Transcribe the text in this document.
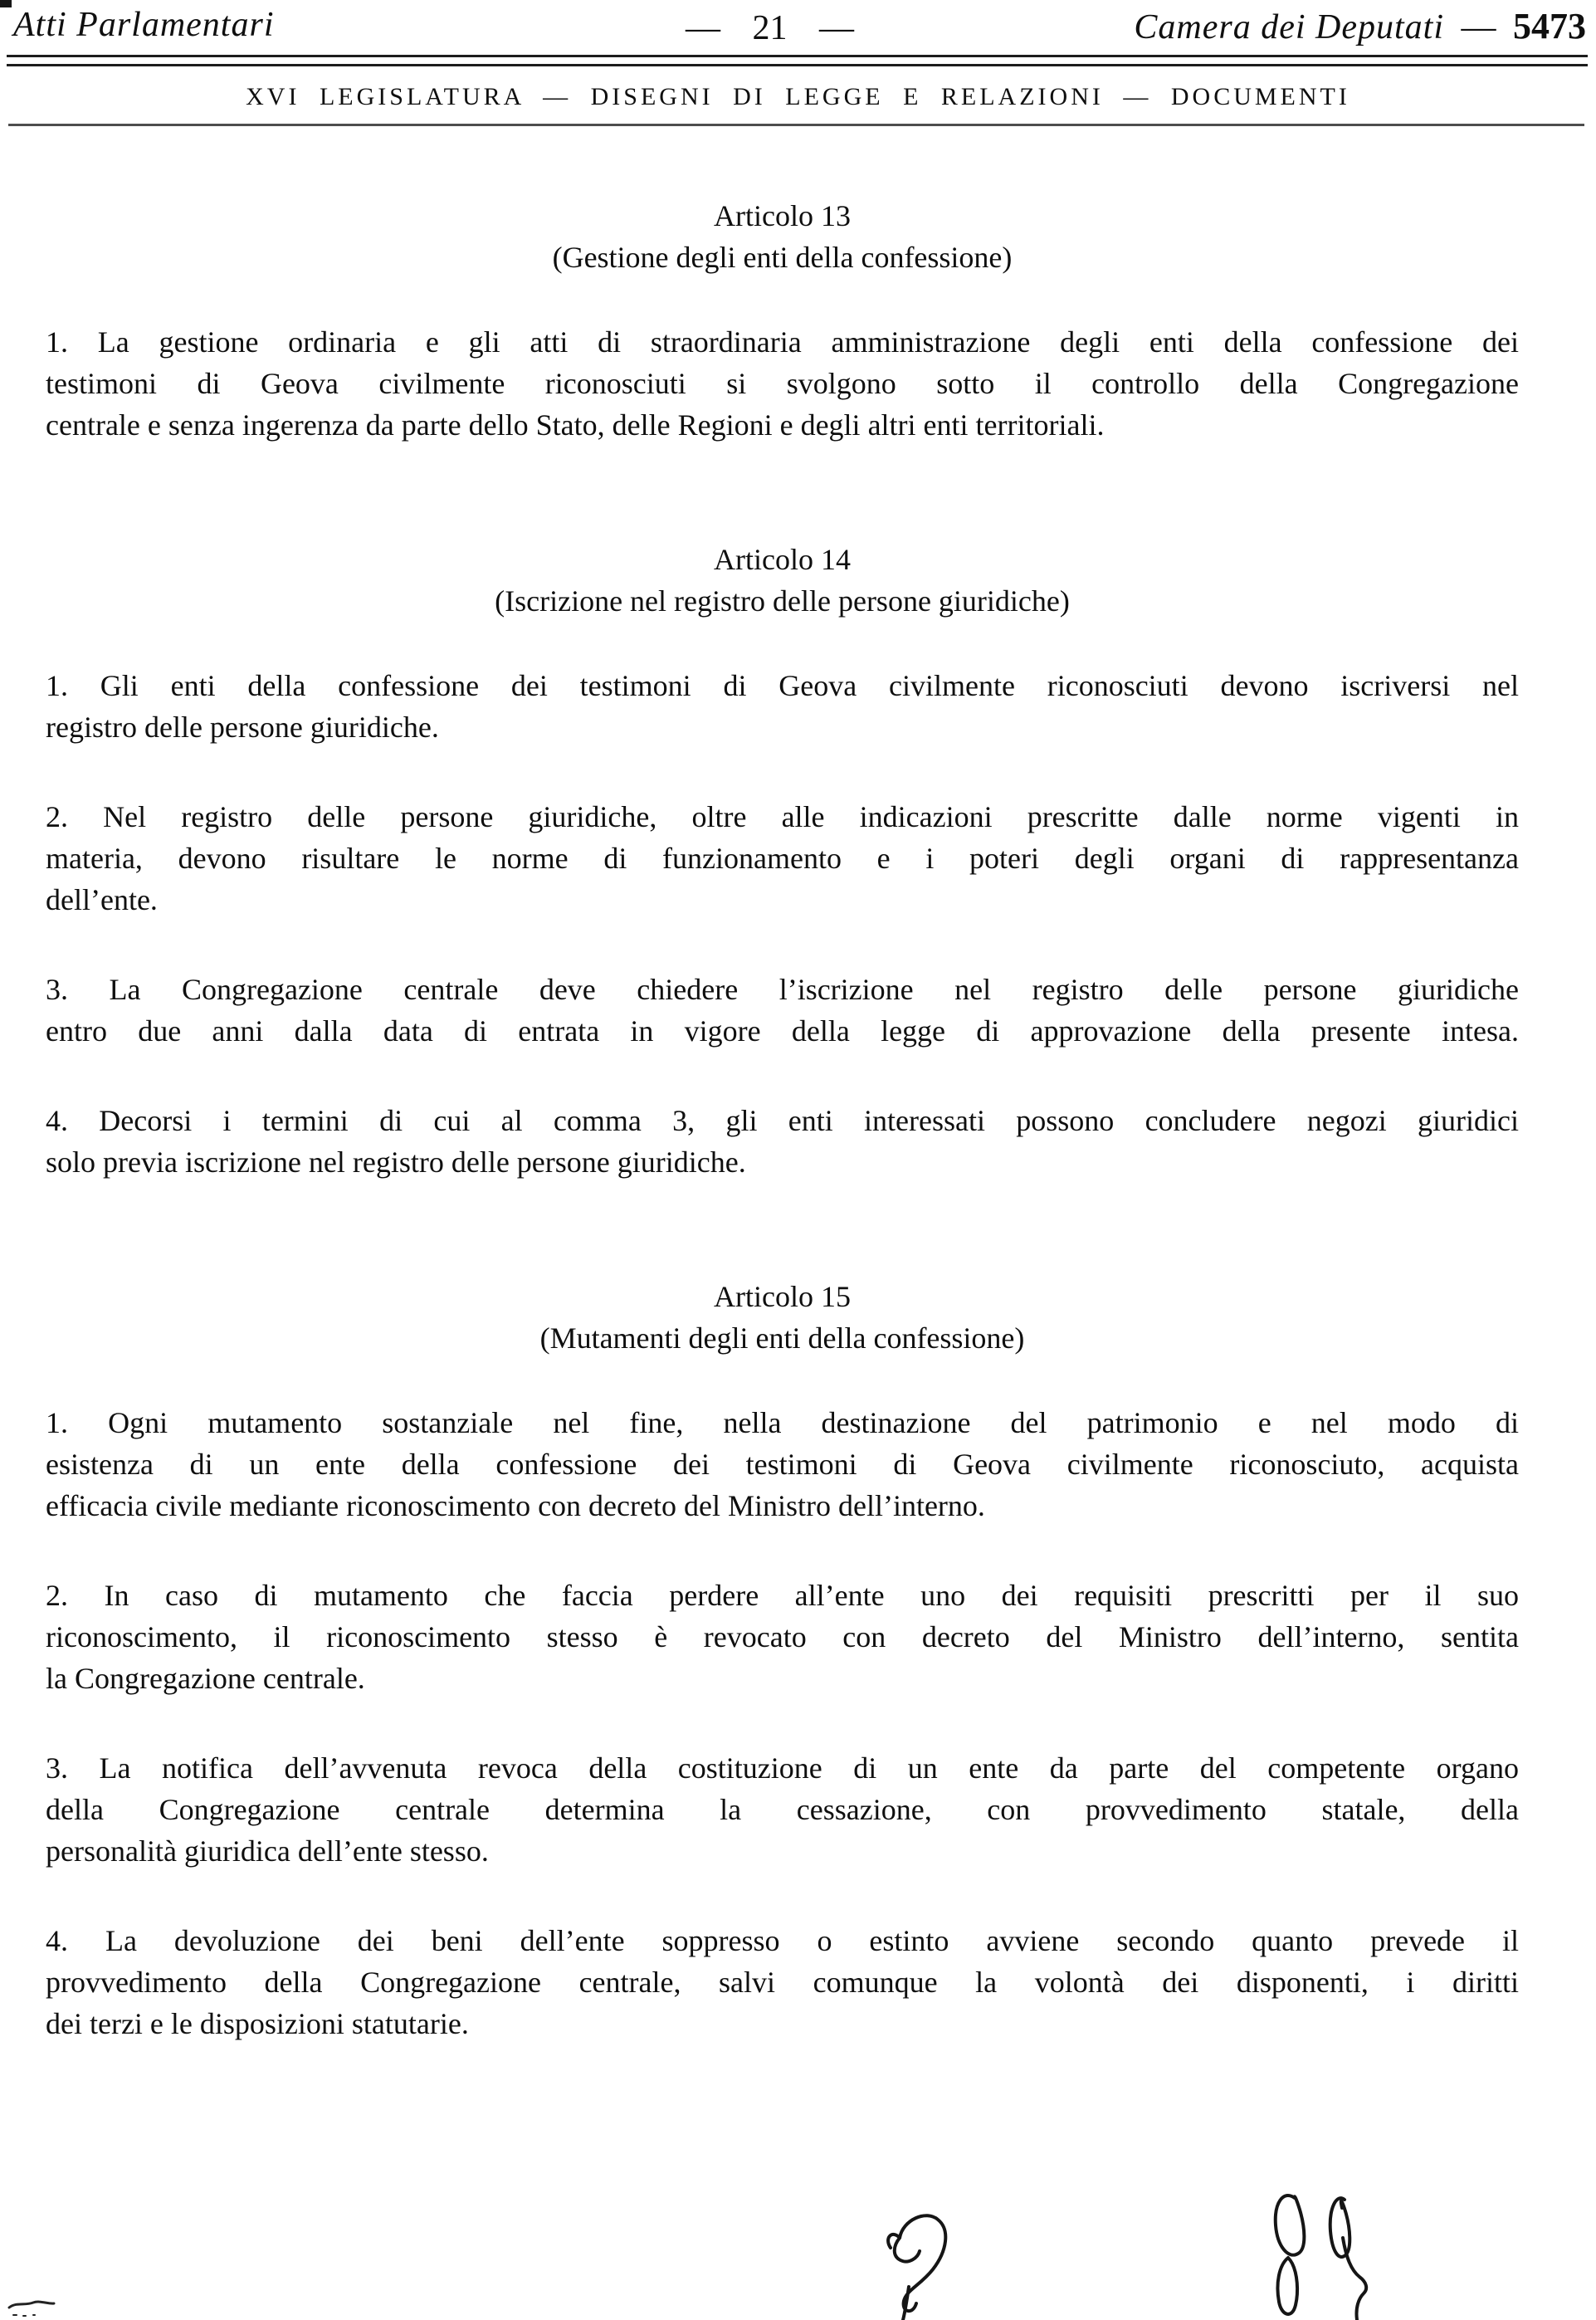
Atti Parlamentari	— 21 —	Camera dei Deputati — 5473
XVI LEGISLATURA — DISEGNI DI LEGGE E RELAZIONI — DOCUMENTI
Articolo 13
(Gestione degli enti della confessione)
1. La gestione ordinaria e gli atti di straordinaria amministrazione degli enti della confessione dei
testimoni di Geova civilmente riconosciuti si svolgono sotto il controllo della Congregazione
centrale e senza ingerenza da parte dello Stato, delle Regioni e degli altri enti territoriali.
Articolo 14
(Iscrizione nel registro delle persone giuridiche)
1. Gli enti della confessione dei testimoni di Geova civilmente riconosciuti devono iscriversi nel
registro delle persone giuridiche.
2. Nel registro delle persone giuridiche, oltre alle indicazioni prescritte dalle norme vigenti in
materia, devono risultare le norme di funzionamento e i poteri degli organi di rappresentanza
dell’ente.
3. La Congregazione centrale deve chiedere l’iscrizione nel registro delle persone giuridiche
entro due anni dalla data di entrata in vigore della legge di approvazione della presente intesa.
4. Decorsi i termini di cui al comma 3, gli enti interessati possono concludere negozi giuridici
solo previa iscrizione nel registro delle persone giuridiche.
Articolo 15
(Mutamenti degli enti della confessione)
1. Ogni mutamento sostanziale nel fine, nella destinazione del patrimonio e nel modo di
esistenza di un ente della confessione dei testimoni di Geova civilmente riconosciuto, acquista
efficacia civile mediante riconoscimento con decreto del Ministro dell’interno.
2. In caso di mutamento che faccia perdere all’ente uno dei requisiti prescritti per il suo
riconoscimento, il riconoscimento stesso è revocato con decreto del Ministro dell’interno, sentita
la Congregazione centrale.
3. La notifica dell’avvenuta revoca della costituzione di un ente da parte del competente organo
della Congregazione centrale determina la cessazione, con provvedimento statale, della
personalità giuridica dell’ente stesso.
4. La devoluzione dei beni dell’ente soppresso o estinto avviene secondo quanto prevede il
provvedimento della Congregazione centrale, salvi comunque la volontà dei disponenti, i diritti
dei terzi e le disposizioni statutarie.
